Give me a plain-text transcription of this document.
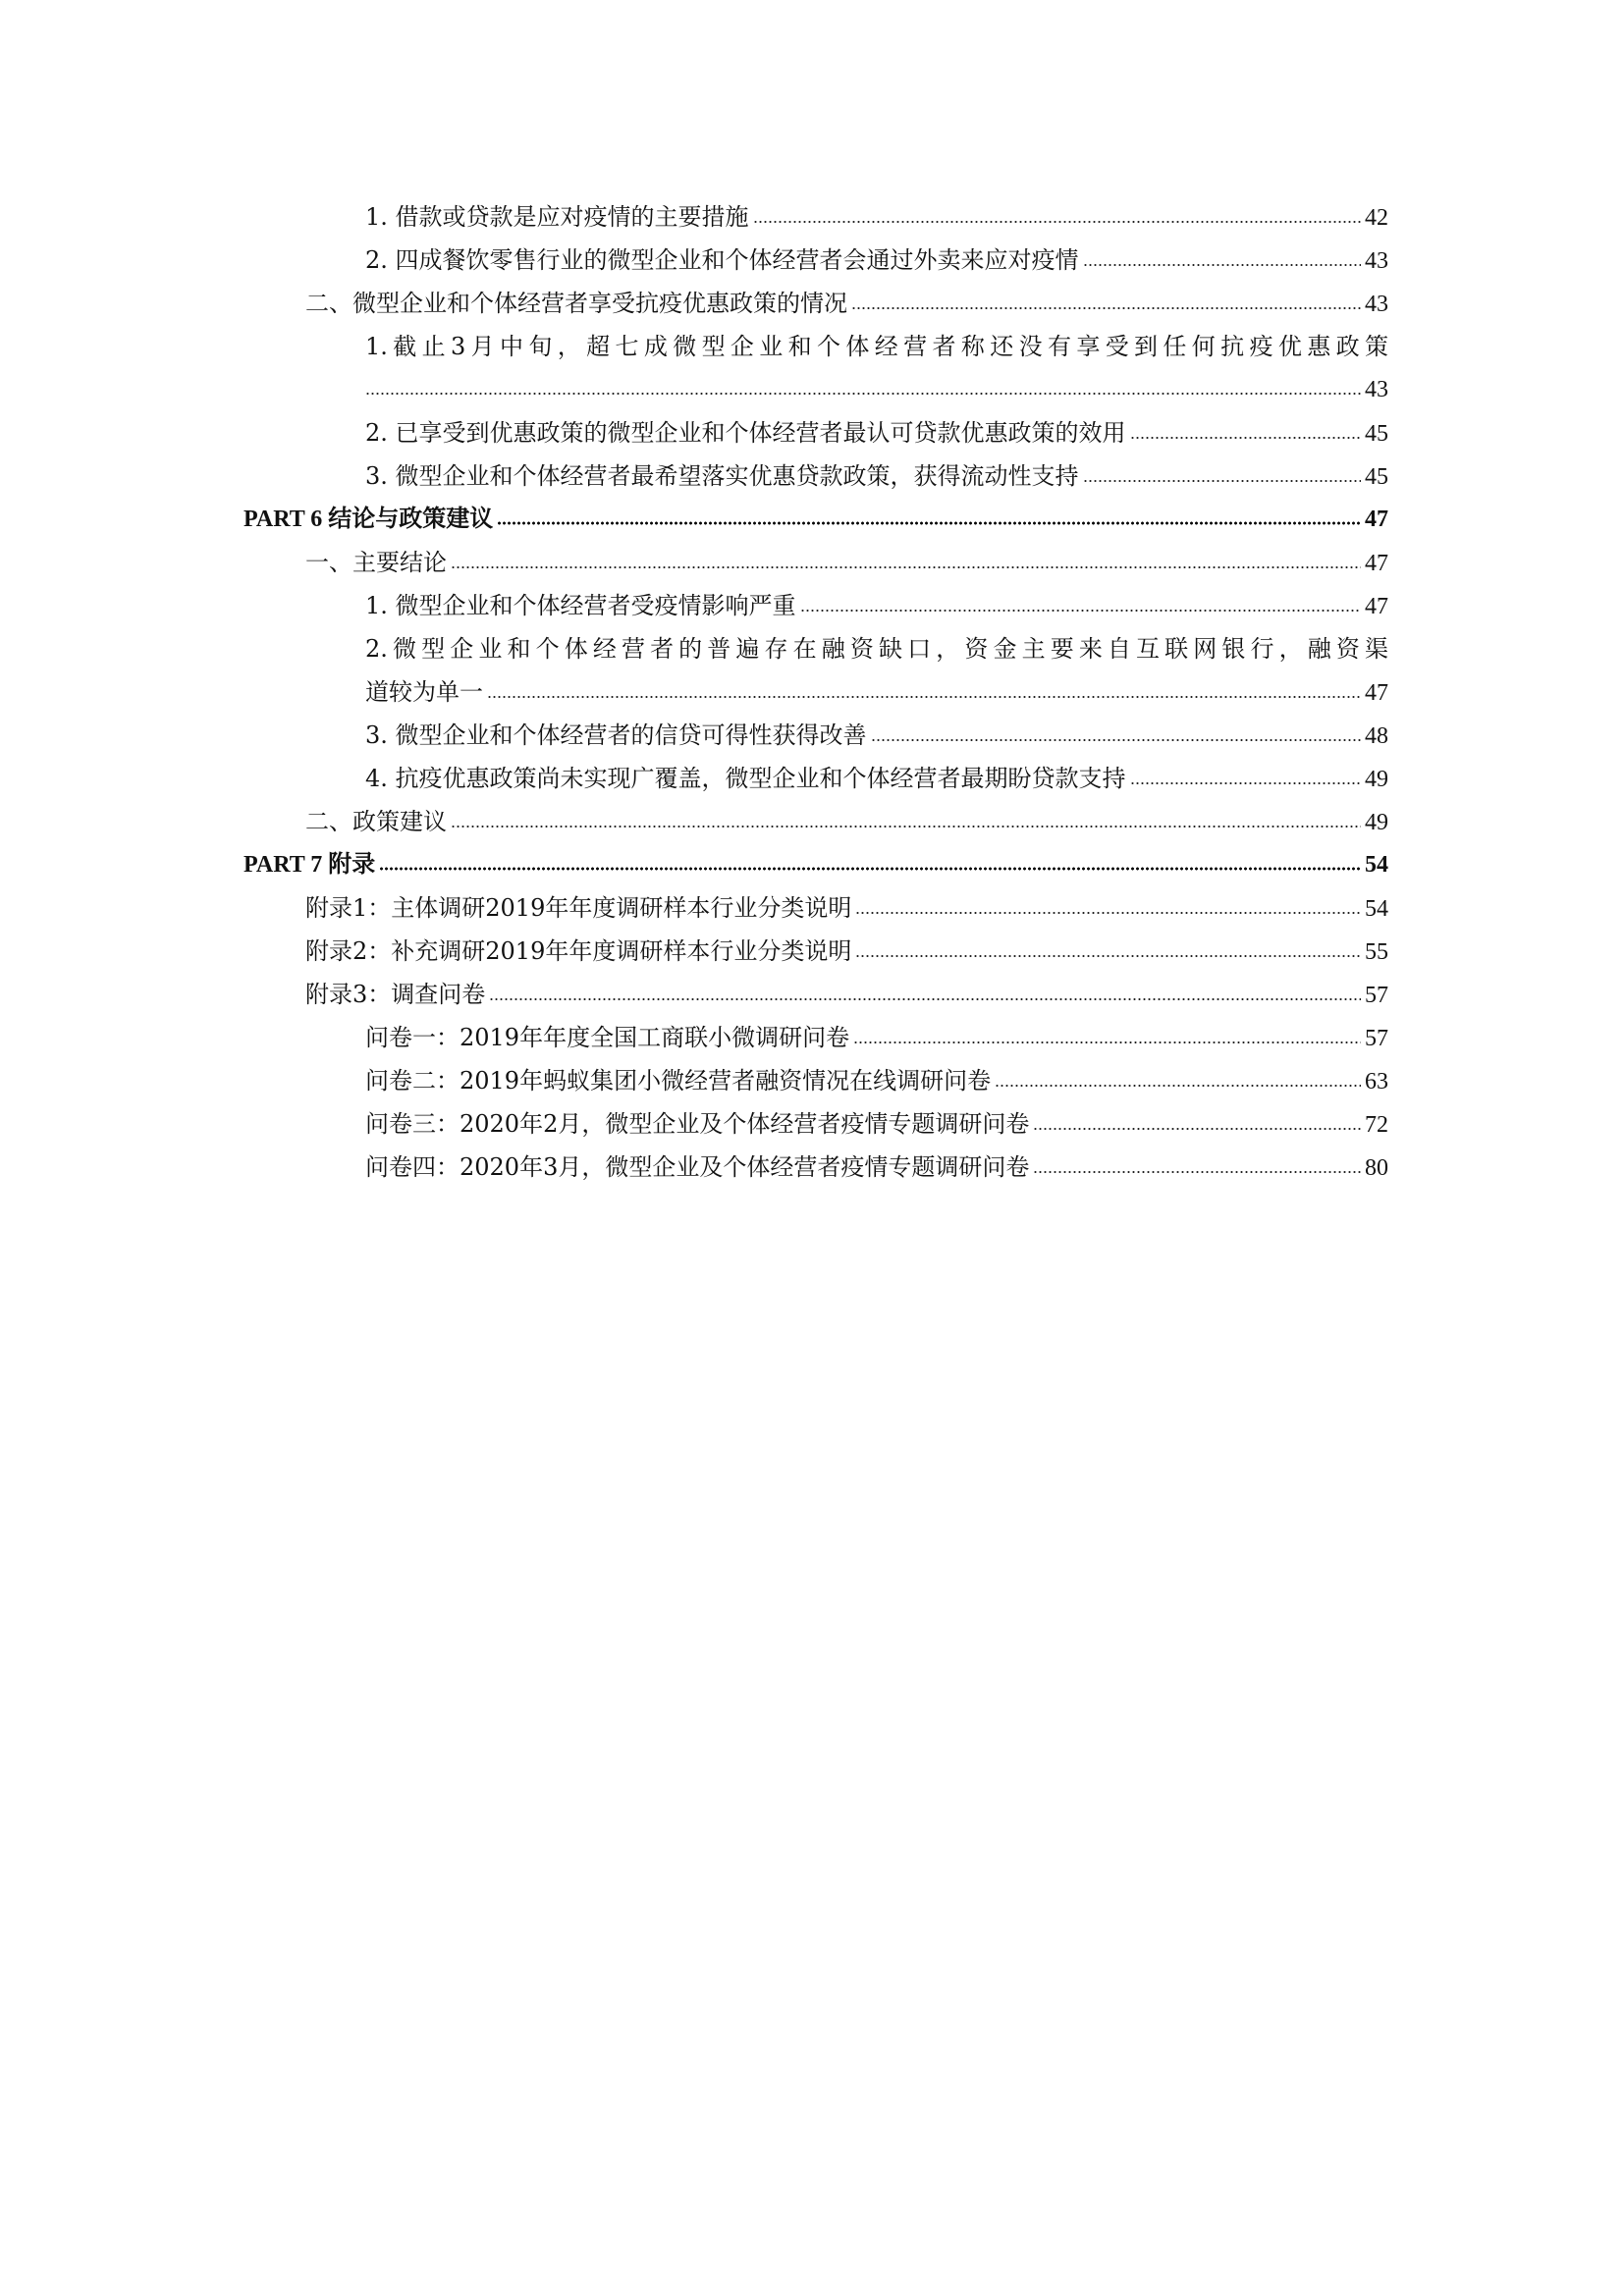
1. 借款或贷款是应对疫情的主要措施	42
2. 四成餐饮零售行业的微型企业和个体经营者会通过外卖来应对疫情	43
二、微型企业和个体经营者享受抗疫优惠政策的情况	43
1.截止3月中旬，超七成微型企业和个体经营者称还没有享受到任何抗疫优惠政策
43
2. 已享受到优惠政策的微型企业和个体经营者最认可贷款优惠政策的效用	45
3. 微型企业和个体经营者最希望落实优惠贷款政策，获得流动性支持	45
PART 6 结论与政策建议	47
一、主要结论	47
1. 微型企业和个体经营者受疫情影响严重	47
2.微型企业和个体经营者的普遍存在融资缺口，资金主要来自互联网银行，融资渠
道较为单一	47
3. 微型企业和个体经营者的信贷可得性获得改善	48
4. 抗疫优惠政策尚未实现广覆盖，微型企业和个体经营者最期盼贷款支持	49
二、政策建议	49
PART 7 附录	54
附录1：主体调研2019年年度调研样本行业分类说明	54
附录2：补充调研2019年年度调研样本行业分类说明	55
附录3：调查问卷	57
问卷一：2019年年度全国工商联小微调研问卷	57
问卷二：2019年蚂蚁集团小微经营者融资情况在线调研问卷	63
问卷三：2020年2月，微型企业及个体经营者疫情专题调研问卷	72
问卷四：2020年3月，微型企业及个体经营者疫情专题调研问卷	80
